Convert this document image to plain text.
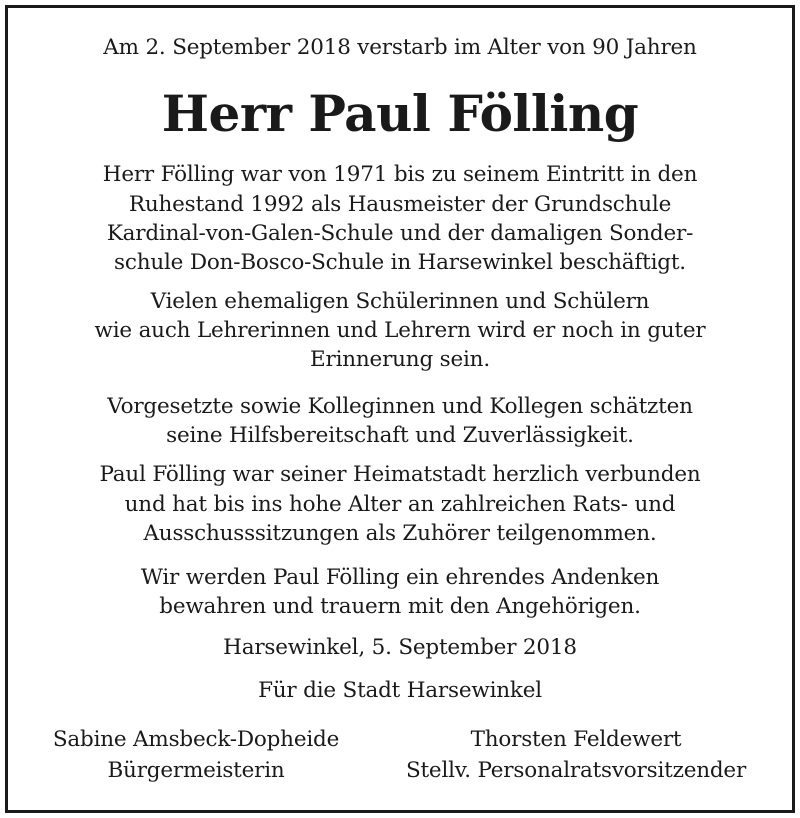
Am 2. September 2018 verstarb im Alter von 90 Jahren
Herr Paul Fölling
Herr Fölling war von 1971 bis zu seinem Eintritt in den
Ruhestand 1992 als Hausmeister der Grundschule
Kardinal-von-Galen-Schule und der damaligen Sonder-
schule Don-Bosco-Schule in Harsewinkel beschäftigt.
Vielen ehemaligen Schülerinnen und Schülern
wie auch Lehrerinnen und Lehrern wird er noch in guter
Erinnerung sein.
Vorgesetzte sowie Kolleginnen und Kollegen schätzten
seine Hilfsbereitschaft und Zuverlässigkeit.
Paul Fölling war seiner Heimatstadt herzlich verbunden
und hat bis ins hohe Alter an zahlreichen Rats- und
Ausschusssitzungen als Zuhörer teilgenommen.
Wir werden Paul Fölling ein ehrendes Andenken
bewahren und trauern mit den Angehörigen.
Harsewinkel, 5. September 2018
Für die Stadt Harsewinkel
Sabine Amsbeck-Dopheide
Bürgermeisterin
Thorsten Feldewert
Stellv. Personalratsvorsitzender
